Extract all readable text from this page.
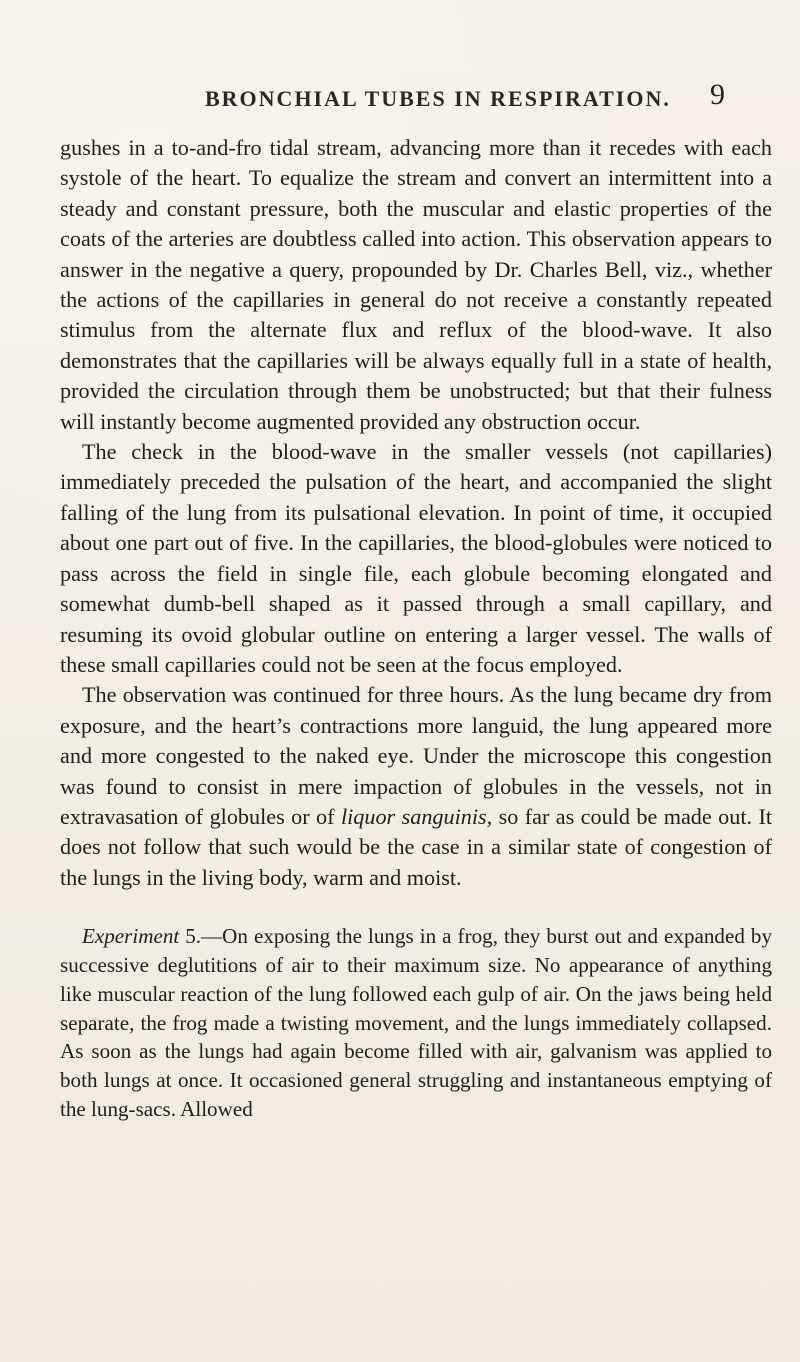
BRONCHIAL TUBES IN RESPIRATION. 9

gushes in a to-and-fro tidal stream, advancing more than it recedes with each systole of the heart. To equalize the stream and convert an intermittent into a steady and constant pressure, both the muscular and elastic properties of the coats of the arteries are doubtless called into action. This observation appears to answer in the negative a query, propounded by Dr. Charles Bell, viz., whether the actions of the capillaries in general do not receive a constantly repeated stimulus from the alternate flux and reflux of the blood-wave. It also demonstrates that the capillaries will be always equally full in a state of health, provided the circulation through them be unobstructed; but that their fulness will instantly become augmented provided any obstruction occur.

The check in the blood-wave in the smaller vessels (not capillaries) immediately preceded the pulsation of the heart, and accompanied the slight falling of the lung from its pulsational elevation. In point of time, it occupied about one part out of five. In the capillaries, the blood-globules were noticed to pass across the field in single file, each globule becoming elongated and somewhat dumb-bell shaped as it passed through a small capillary, and resuming its ovoid globular outline on entering a larger vessel. The walls of these small capillaries could not be seen at the focus employed.

The observation was continued for three hours. As the lung became dry from exposure, and the heart’s contractions more languid, the lung appeared more and more congested to the naked eye. Under the microscope this congestion was found to consist in mere impaction of globules in the vessels, not in extravasation of globules or of liquor sanguinis, so far as could be made out. It does not follow that such would be the case in a similar state of congestion of the lungs in the living body, warm and moist.

Experiment 5.—On exposing the lungs in a frog, they burst out and expanded by successive deglutitions of air to their maximum size. No appearance of anything like muscular reaction of the lung followed each gulp of air. On the jaws being held separate, the frog made a twisting movement, and the lungs immediately collapsed. As soon as the lungs had again become filled with air, galvanism was applied to both lungs at once. It occasioned general struggling and instantaneous emptying of the lung-sacs. Allowed
